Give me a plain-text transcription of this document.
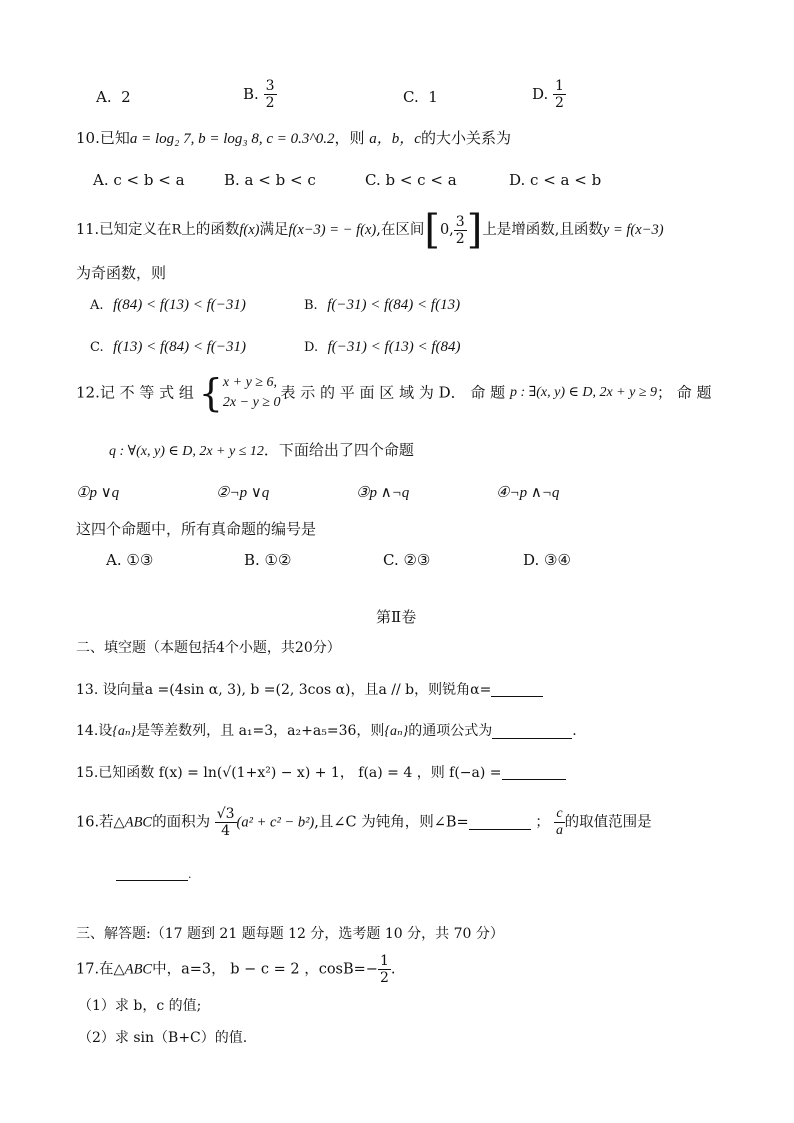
A. 2	B. $\frac{3}{2}$	C. 1	D. $\frac{1}{2}$
10.已知a = log₂ 7, b = log₃ 8, c = 0.3^0.2，则 a，b，c的大小关系为
A. c < b < a	B. a < b < c	C. b < c < a	D. c < a < b
11.已知定义在R上的函数f(x)满足f(x−3) = − f(x),在区间[0, $\frac{3}{2}$ ]上是增函数,且函数y = f(x−3)
为奇函数，则
A. f(84) < f(13) < f(−31)	B. f(−31) < f(84) < f(13)
C. f(13) < f(84) < f(−31)	D. f(−31) < f(13) < f(84)
12.记 不 等 式 组 { x + y ≥ 6,
2x − y ≥ 0
表 示 的 平 面 区 域 为 D． 命 题 p : ∃(x, y) ∈ D, 2x + y ≥ 9； 命 题
q : ∀(x, y) ∈ D, 2x + y ≤ 12．下面给出了四个命题
①p ∨q	②¬p ∨q	③p ∧¬q	④¬p ∧¬q
这四个命题中，所有真命题的编号是
A. ①③	B. ①②	C. ②③	D. ③④
第Ⅱ卷
二、填空题（本题包括4个小题，共20分）
13. 设向量a =(4sin α, 3), b =(2, 3cos α)，且a // b，则锐角α=
14.设{aₙ}是等差数列，且 a₁=3，a₂+a₅=36，则{aₙ}的通项公式为	.
15.已知函数 f(x) = ln(√(1+x²) − x) + 1， f(a) = 4 ，则 f(−a) =
16.若△ABC的面积为 $\frac{√3}{4} (a^2 + c^2 - b^2)$,且∠C 为钝角，则∠B=	； $\frac{c}{a}$ 的取值范围是
.
三、解答题:（17 题到 21 题每题 12 分，选考题 10 分，共 70 分）
17.在△ABC中，a=3， b − c = 2 ，$\cos B=- \frac{1}{2}$ .
（1）求 b，c 的值;
（2）求 sin（B+C）的值.
